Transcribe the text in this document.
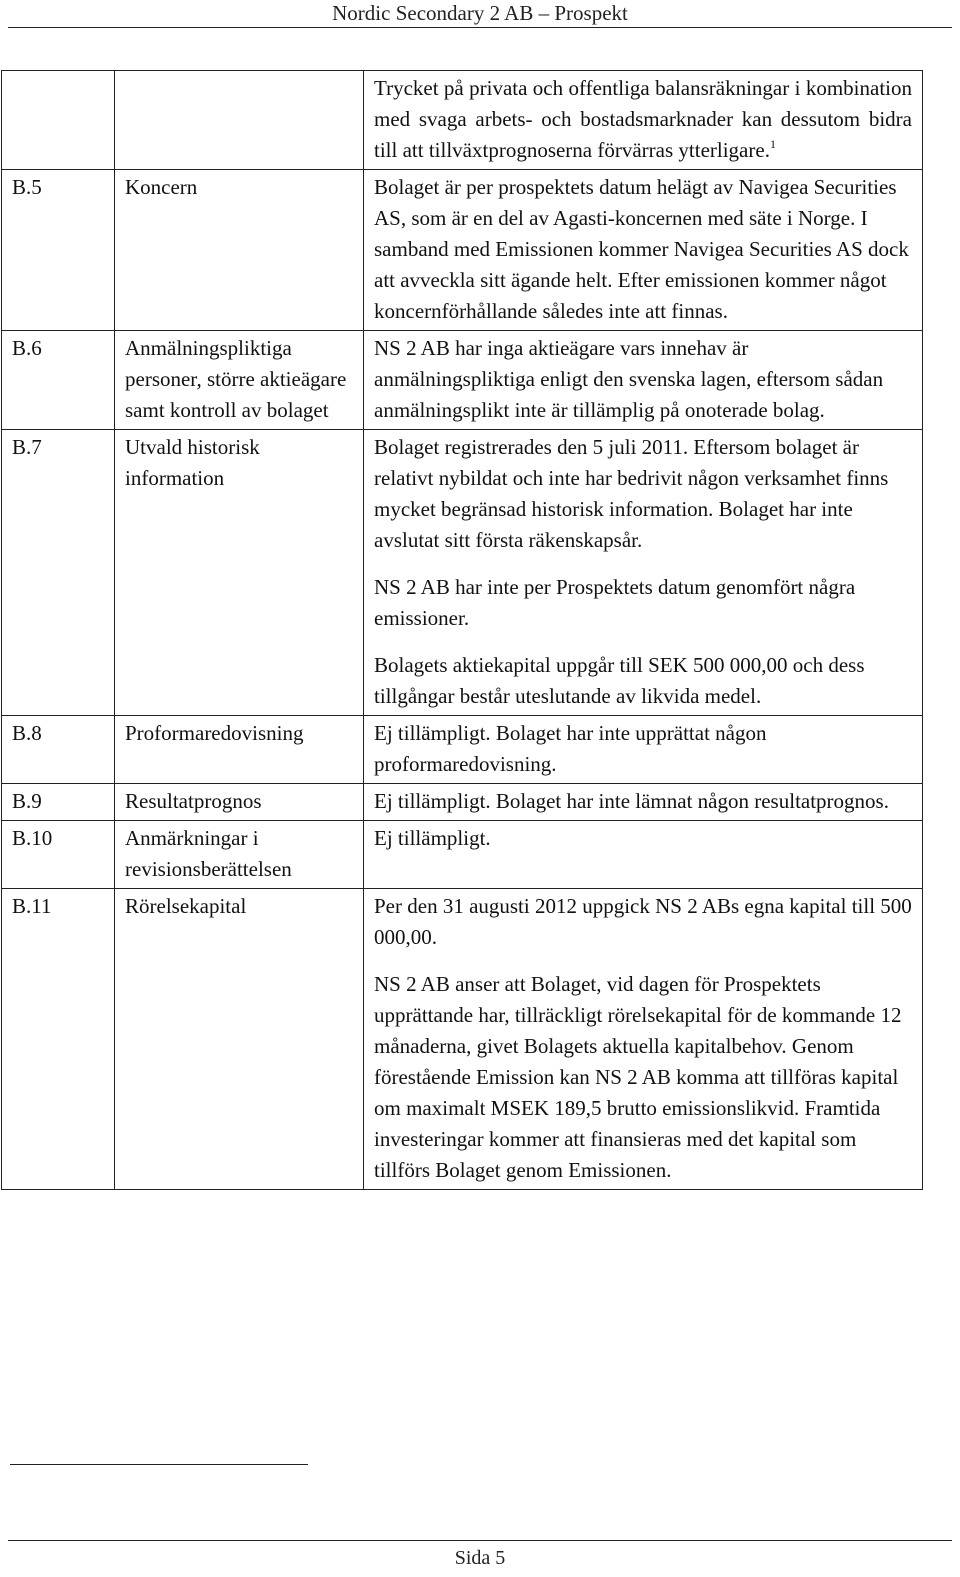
Nordic Secondary 2 AB – Prospekt

		Trycket på privata och offentliga balansräkningar i kombination med svaga arbets- och bostadsmarknader kan dessutom bidra till att tillväxtprognoserna förvärras ytterligare.$^1$

B.5	Koncern	Bolaget är per prospektets datum helägt av Navigea Securities AS, som är en del av Agasti-koncernen med säte i Norge. I samband med Emissionen kommer Navigea Securities AS dock att avveckla sitt ägande helt. Efter emissionen kommer något koncernförhållande således inte att finnas.

B.6	Anmälningspliktiga personer, större aktieägare samt kontroll av bolaget	NS 2 AB har inga aktieägare vars innehav är anmälningspliktiga enligt den svenska lagen, eftersom sådan anmälningsplikt inte är tillämplig på onoterade bolag.

B.7	Utvald historisk information	Bolaget registrerades den 5 juli 2011. Eftersom bolaget är relativt nybildat och inte har bedrivit någon verksamhet finns mycket begränsad historisk information. Bolaget har inte avslutat sitt första räkenskapsår.

NS 2 AB har inte per Prospektets datum genomfört några emissioner.

Bolagets aktiekapital uppgår till SEK 500 000,00 och dess tillgångar består uteslutande av likvida medel.

B.8	Proformaredovisning	Ej tillämpligt. Bolaget har inte upprättat någon proformaredovisning.

B.9	Resultatprognos	Ej tillämpligt. Bolaget har inte lämnat någon resultatprognos.

B.10	Anmärkningar i revisionsberättelsen	Ej tillämpligt.

B.11	Rörelsekapital	Per den 31 augusti 2012 uppgick NS 2 ABs egna kapital till 500 000,00.

NS 2 AB anser att Bolaget, vid dagen för Prospektets upprättande har, tillräckligt rörelsekapital för de kommande 12 månaderna, givet Bolagets aktuella kapitalbehov. Genom förestående Emission kan NS 2 AB komma att tillföras kapital om maximalt MSEK 189,5 brutto emissionslikvid. Framtida investeringar kommer att finansieras med det kapital som tillförs Bolaget genom Emissionen.

Sida 5
